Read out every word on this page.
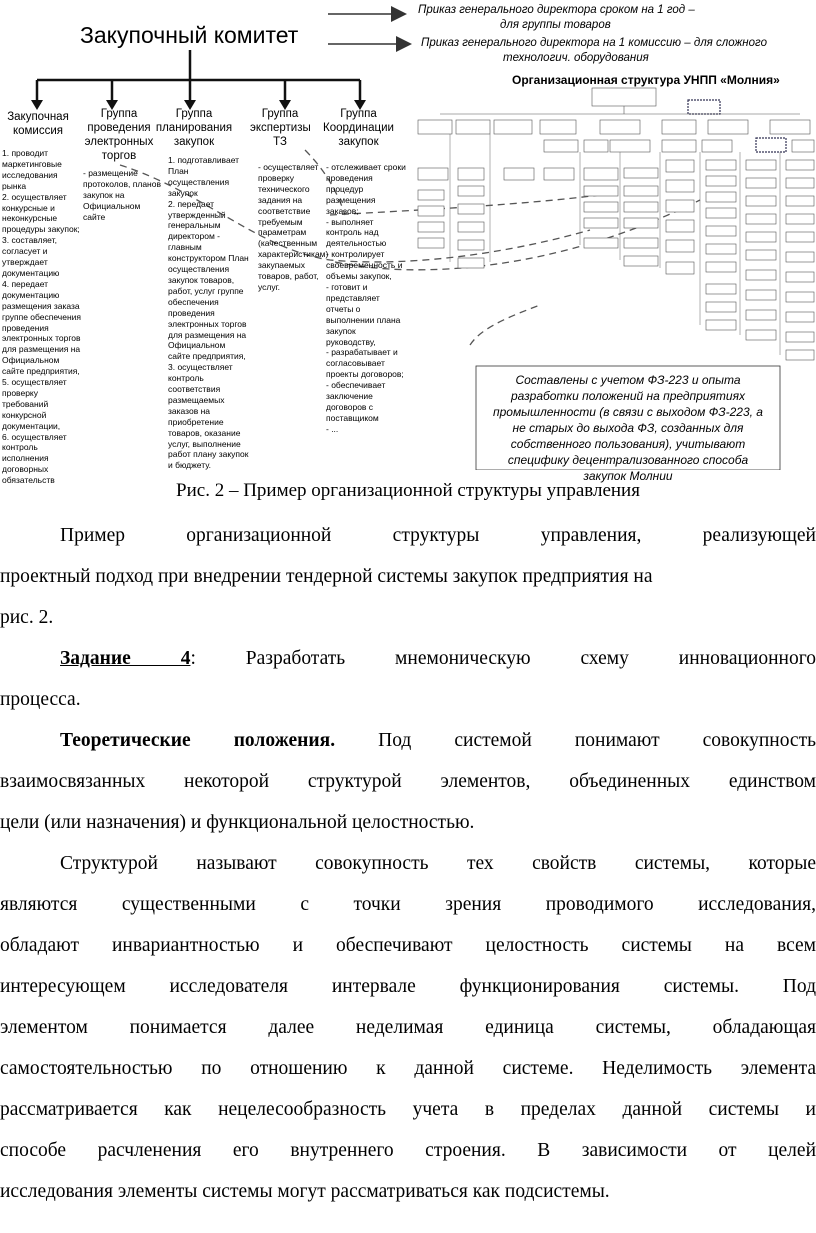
Закупочный комитет
Приказ генерального директора сроком на 1 год –
для группы товаров
Приказ генерального директора на 1 комиссию – для сложного
технологич. оборудования
Организационная структура УНПП «Молния»
Закупочная
комиссия
Группа
проведения
электронных
торгов
Группа
планирования
закупок
Группа
экспертизы
ТЗ
Группа
Координации
закупок
1. проводит
маркетинговые
исследования
рынка
2. осуществляет
конкурсные и
неконкурсные
процедуры закупок;
3. составляет,
согласует и
утверждает
документацию
4. передает
документацию
размещения заказа
группе обеспечения
проведения
электронных торгов
для размещения на
Официальном
сайте предприятия,
5. осуществляет
проверку
требований
конкурсной
документации,
6. осуществляет
контроль
исполнения
договорных
обязательств
- размещение
протоколов, планов
закупок на
Официальном
сайте
1. подготавливает
План
осуществления
закупок
2. передает
утвержденный
генеральным
директором -
главным
конструктором План
осуществления
закупок товаров,
работ, услуг группе
обеспечения
проведения
электронных торгов
для размещения на
Официальном
сайте предприятия,
3. осуществляет
контроль
соответствия
размещаемых
заказов на
приобретение
товаров, оказание
услуг, выполнение
работ плану закупок
и бюджету.
- осуществляет
проверку
технического
задания на
соответствие
требуемым
параметрам
(качественным
характеристикам)
закупаемых
товаров, работ,
услуг.
- отслеживает сроки
проведения
процедур
размещения
заказов;
- выполняет
контроль над
деятельностью
- контролирует
своевременность и
объемы закупок,
- готовит и
представляет
отчеты о
выполнении плана
закупок
руководству,
- разрабатывает и
согласовывает
проекты договоров;
- обеспечивает
заключение
договоров с
поставщиком
- ...
Составлены с учетом ФЗ-223 и опыта
разработки положений на предприятиях
промышленности (в связи с выходом ФЗ-223, а
не старых до выхода ФЗ, созданных для
собственного пользования), учитывают
специфику децентрализованного способа
закупок Молнии
Рис. 2 – Пример организационной структуры управления
Пример организационной структуры управления, реализующей
проектный подход при внедрении тендерной системы закупок предприятия на
рис. 2.
Задание 4: Разработать мнемоническую схему инновационного
процесса.
Теоретические положения. Под системой понимают совокупность
взаимосвязанных некоторой структурой элементов, объединенных единством
цели (или назначения) и функциональной целостностью.
Структурой называют совокупность тех свойств системы, которые
являются существенными с точки зрения проводимого исследования,
обладают инвариантностью и обеспечивают целостность системы на всем
интересующем исследователя интервале функционирования системы. Под
элементом понимается далее неделимая единица системы, обладающая
самостоятельностью по отношению к данной системе. Неделимость элемента
рассматривается как нецелесообразность учета в пределах данной системы и
способе расчленения его внутреннего строения. В зависимости от целей
исследования элементы системы могут рассматриваться как подсистемы.
